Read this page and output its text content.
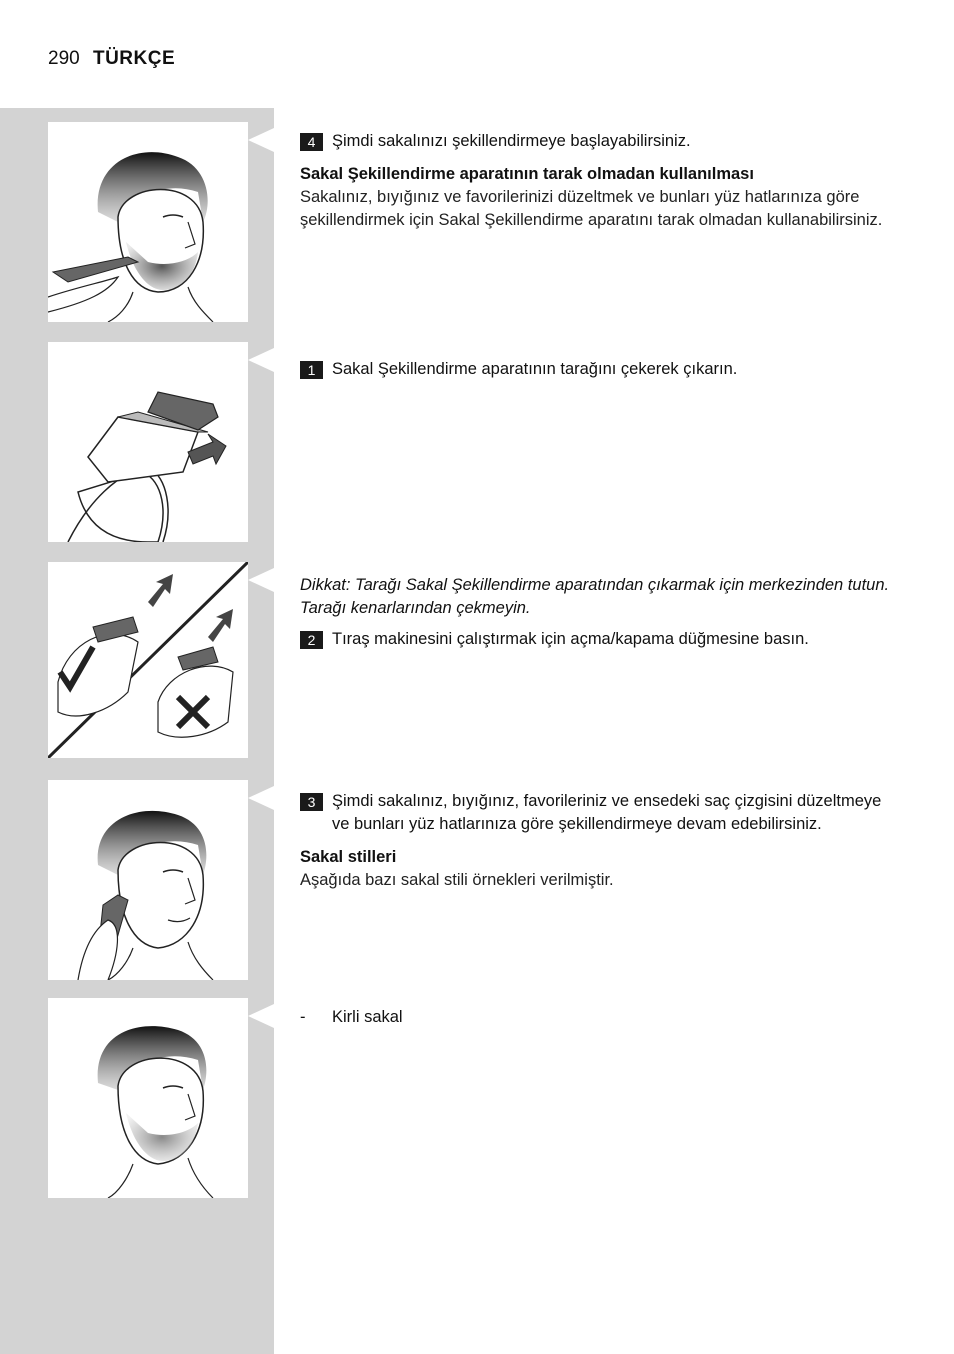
290 TÜRKÇE
4	Şimdi sakalınızı şekillendirmeye başlayabilirsiniz.
Sakal Şekillendirme aparatının tarak olmadan kullanılması
Sakalınız, bıyığınız ve favorilerinizi düzeltmek ve bunları yüz hatlarınıza göre şekillendirmek için Sakal Şekillendirme aparatını tarak olmadan kullanabilirsiniz.
1	Sakal Şekillendirme aparatının tarağını çekerek çıkarın.
Dikkat: Tarağı Sakal Şekillendirme aparatından çıkarmak için merkezinden tutun. Tarağı kenarlarından çekmeyin.
2	Tıraş makinesini çalıştırmak için açma/kapama düğmesine basın.
3	Şimdi sakalınız, bıyığınız, favorileriniz ve ensedeki saç çizgisini düzeltmeye ve bunları yüz hatlarınıza göre şekillendirmeye devam edebilirsiniz.
Sakal stilleri
Aşağıda bazı sakal stili örnekleri verilmiştir.
- Kirli sakal
